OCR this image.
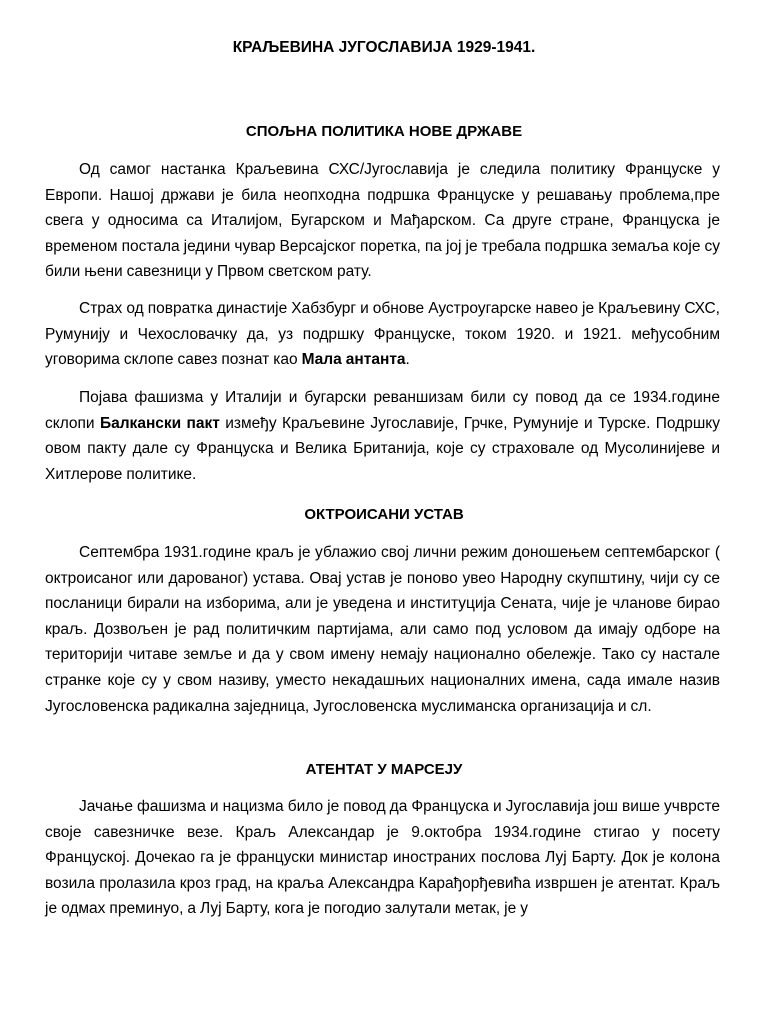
КРАЉЕВИНА ЈУГОСЛАВИЈА 1929-1941.
СПОЉНА ПОЛИТИКА НОВЕ ДРЖАВЕ

Од самог настанка Краљевина СХС/Југославија је следила политику Француске у Европи. Нашој држави је била неопходна подршка Француске у решавању проблема,пре свега у односима са Италијом, Бугарском и Мађарском. Са друге стране, Француска је временом постала једини чувар Версајског поретка, па јој је требала подршка земаља које су били њени савезници у Првом светском рату.

Страх од повратка династије Хабзбург и обнове Аустроугарске навео је Краљевину СХС, Румунију и Чехословачку да, уз подршку Француске, током 1920. и 1921. међусобним уговорима склопе савез познат као Мала антанта.

Појава фашизма у Италији и бугарски реваншизам били су повод да се 1934.године склопи Балкански пакт између Краљевине Југославије, Грчке, Румуније и Турске. Подршку овом пакту дале су Француска и Велика Британија, које су страховале од Мусолинијеве и Хитлерове политике.

ОКТРОИСАНИ УСТАВ

Септембра 1931.године краљ је ублажио свој лични режим доношењем септембарског ( октроисаног или дарованог) устава. Овај устав је поново увео Народну скупштину, чији су се посланици бирали на изборима, али је уведена и институција Сената, чије је чланове бирао краљ. Дозвољен је рад политичким партијама, али само под условом да имају одборе на територији читаве земље и да у свом имену немају национално обележје. Тако су настале странке које су у свом називу, уместо некадашњих националних имена, сада имале назив Југословенска радикална заједница, Југословенска муслиманска организација и сл.

АТЕНТАТ У МАРСЕЈУ

Јачање фашизма и нацизма било је повод да Француска и Југославија још више учврсте своје савезничке везе. Краљ Александар је 9.октобра 1934.године стигао у посету Француској. Дочекао га је француски министар иностраних послова Луј Барту. Док је колона возила пролазила кроз град, на краља Александра Карађорђевића извршен је атентат. Краљ је одмах преминуо, а Луј Барту, кога је погодио залутали метак, је у
